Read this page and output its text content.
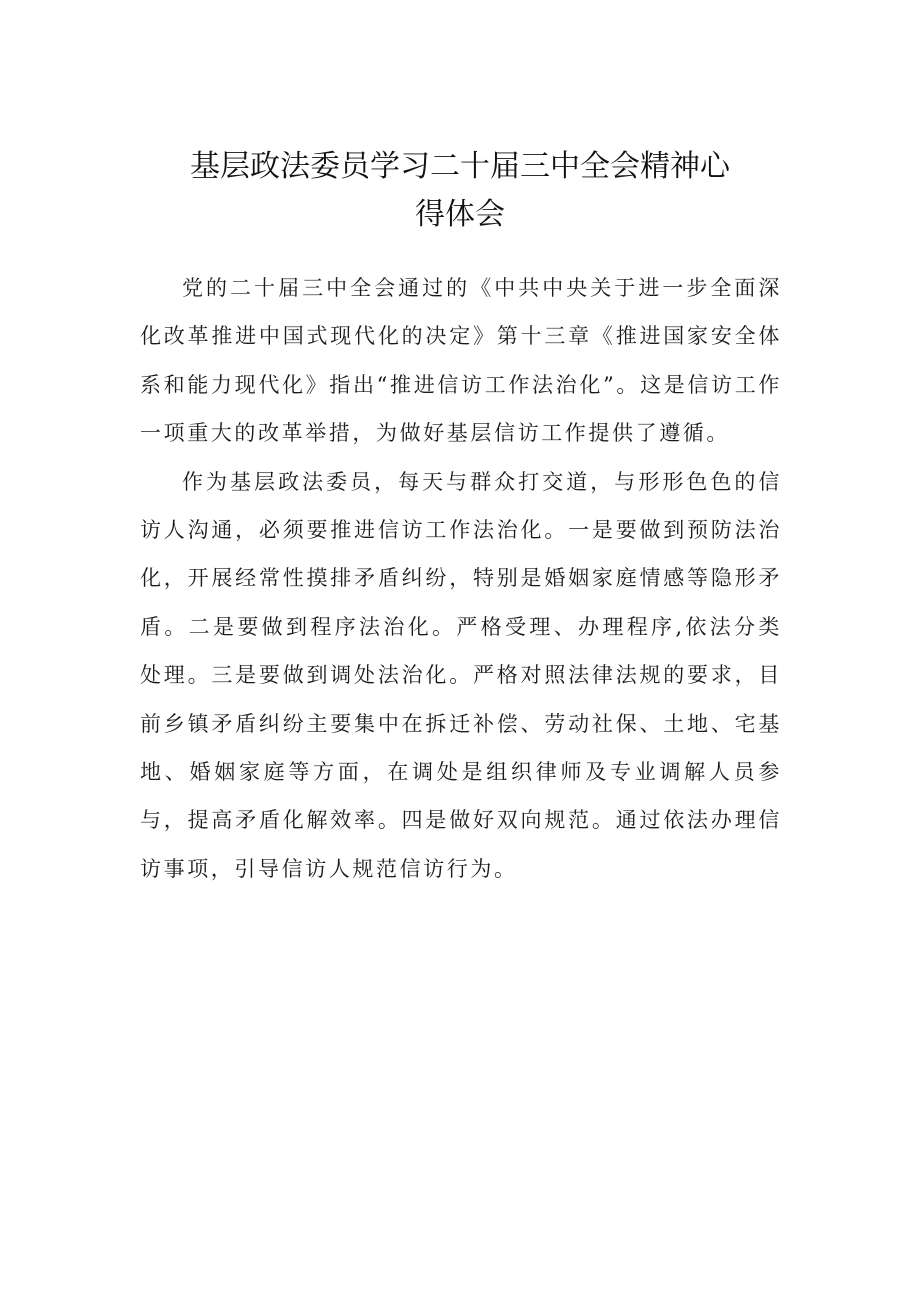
基层政法委员学习二十届三中全会精神心
得体会

党的二十届三中全会通过的《中共中央关于进一步全面深化改革推进中国式现代化的决定》第十三章《推进国家安全体系和能力现代化》指出“推进信访工作法治化”。这是信访工作一项重大的改革举措，为做好基层信访工作提供了遵循。

作为基层政法委员，每天与群众打交道，与形形色色的信访人沟通，必须要推进信访工作法治化。一是要做到预防法治化，开展经常性摸排矛盾纠纷，特别是婚姻家庭情感等隐形矛盾。二是要做到程序法治化。严格受理、办理程序,依法分类处理。三是要做到调处法治化。严格对照法律法规的要求，目前乡镇矛盾纠纷主要集中在拆迁补偿、劳动社保、土地、宅基地、婚姻家庭等方面，在调处是组织律师及专业调解人员参与，提高矛盾化解效率。四是做好双向规范。通过依法办理信访事项，引导信访人规范信访行为。
